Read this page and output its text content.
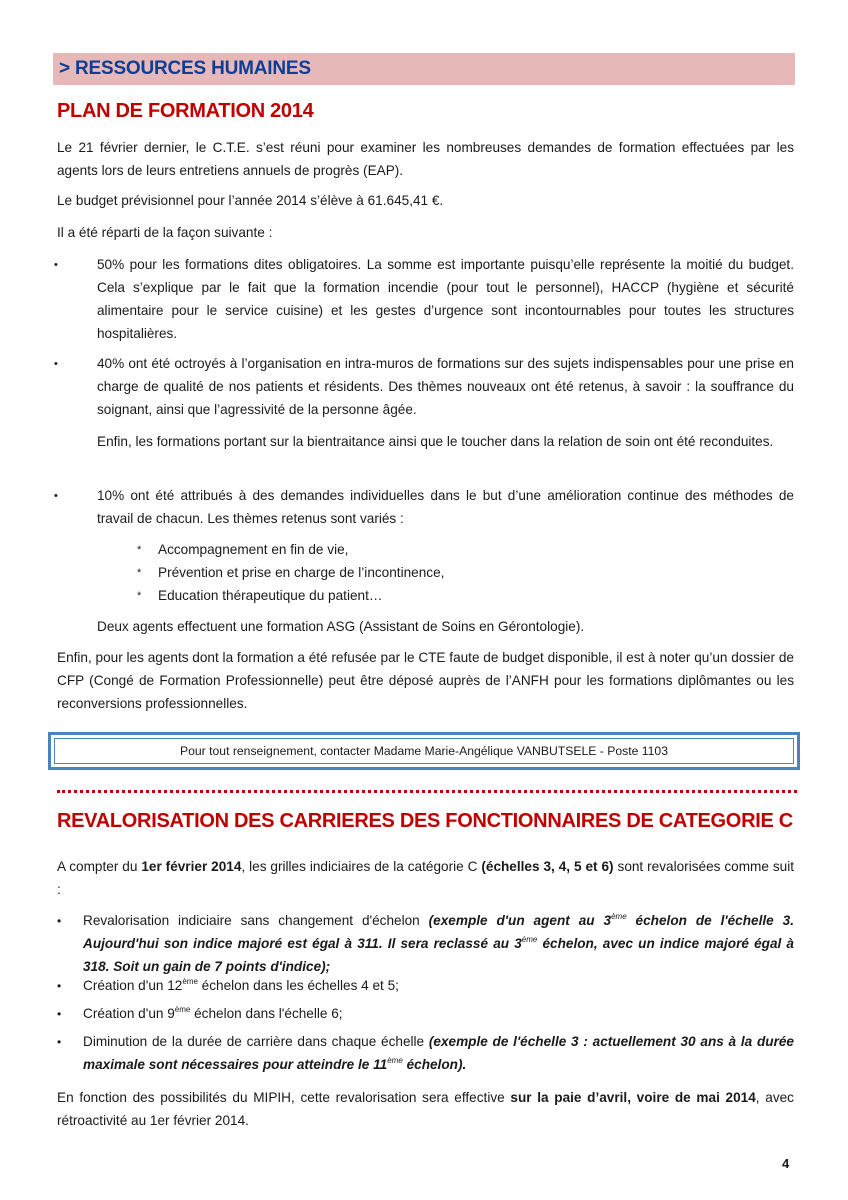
> RESSOURCES HUMAINES
PLAN DE FORMATION 2014

Le 21 février dernier, le C.T.E. s’est réuni pour examiner les nombreuses demandes de formation effectuées par les agents lors de leurs entretiens annuels de progrès (EAP).

Le budget prévisionnel pour l’année 2014 s’élève à 61.645,41 €.

Il a été réparti de la façon suivante :

•	50% pour les formations dites obligatoires. La somme est importante puisqu’elle représente la moitié du budget. Cela s’explique par le fait que la formation incendie (pour tout le personnel), HACCP (hygiène et sécurité alimentaire pour le service cuisine) et les gestes d’urgence sont incontournables pour toutes les structures hospitalières.

•	40% ont été octroyés à l’organisation en intra-muros de formations sur des sujets indispensables pour une prise en charge de qualité de nos patients et résidents. Des thèmes nouveaux ont été retenus, à savoir : la souffrance du soignant, ainsi que l’agressivité de la personne âgée.

Enfin, les formations portant sur la bientraitance ainsi que le toucher dans la relation de soin ont été reconduites.

•	10% ont été attribués à des demandes individuelles dans le but d’une amélioration continue des méthodes de travail de chacun. Les thèmes retenus sont variés :

* Accompagnement en fin de vie,

* Prévention et prise en charge de l’incontinence,

* Education thérapeutique du patient…

Deux agents effectuent une formation ASG (Assistant de Soins en Gérontologie).

Enfin, pour les agents dont la formation a été refusée par le CTE faute de budget disponible, il est à noter qu’un dossier de CFP (Congé de Formation Professionnelle) peut être déposé auprès de l’ANFH pour les formations diplômantes ou les reconversions professionnelles.

Pour tout renseignement, contacter Madame Marie-Angélique VANBUTSELE - Poste 1103
REVALORISATION DES CARRIERES DES FONCTIONNAIRES DE CATEGORIE C

A compter du 1er février 2014, les grilles indiciaires de la catégorie C (échelles 3, 4, 5 et 6) sont revalorisées comme suit :

•	Revalorisation indiciaire sans changement d'échelon (exemple d'un agent au 3ème échelon de l'échelle 3. Aujourd'hui son indice majoré est égal à 311. Il sera reclassé au 3ème échelon, avec un indice majoré égal à 318. Soit un gain de 7 points d'indice);

•	Création d'un 12ème échelon dans les échelles 4 et 5;

•	Création d'un 9ème échelon dans l'échelle 6;

•	Diminution de la durée de carrière dans chaque échelle (exemple de l'échelle 3 : actuellement 30 ans à la durée maximale sont nécessaires pour atteindre le 11ème échelon).

En fonction des possibilités du MIPIH, cette revalorisation sera effective sur la paie d’avril, voire de mai 2014, avec rétroactivité au 1er février 2014.

4
